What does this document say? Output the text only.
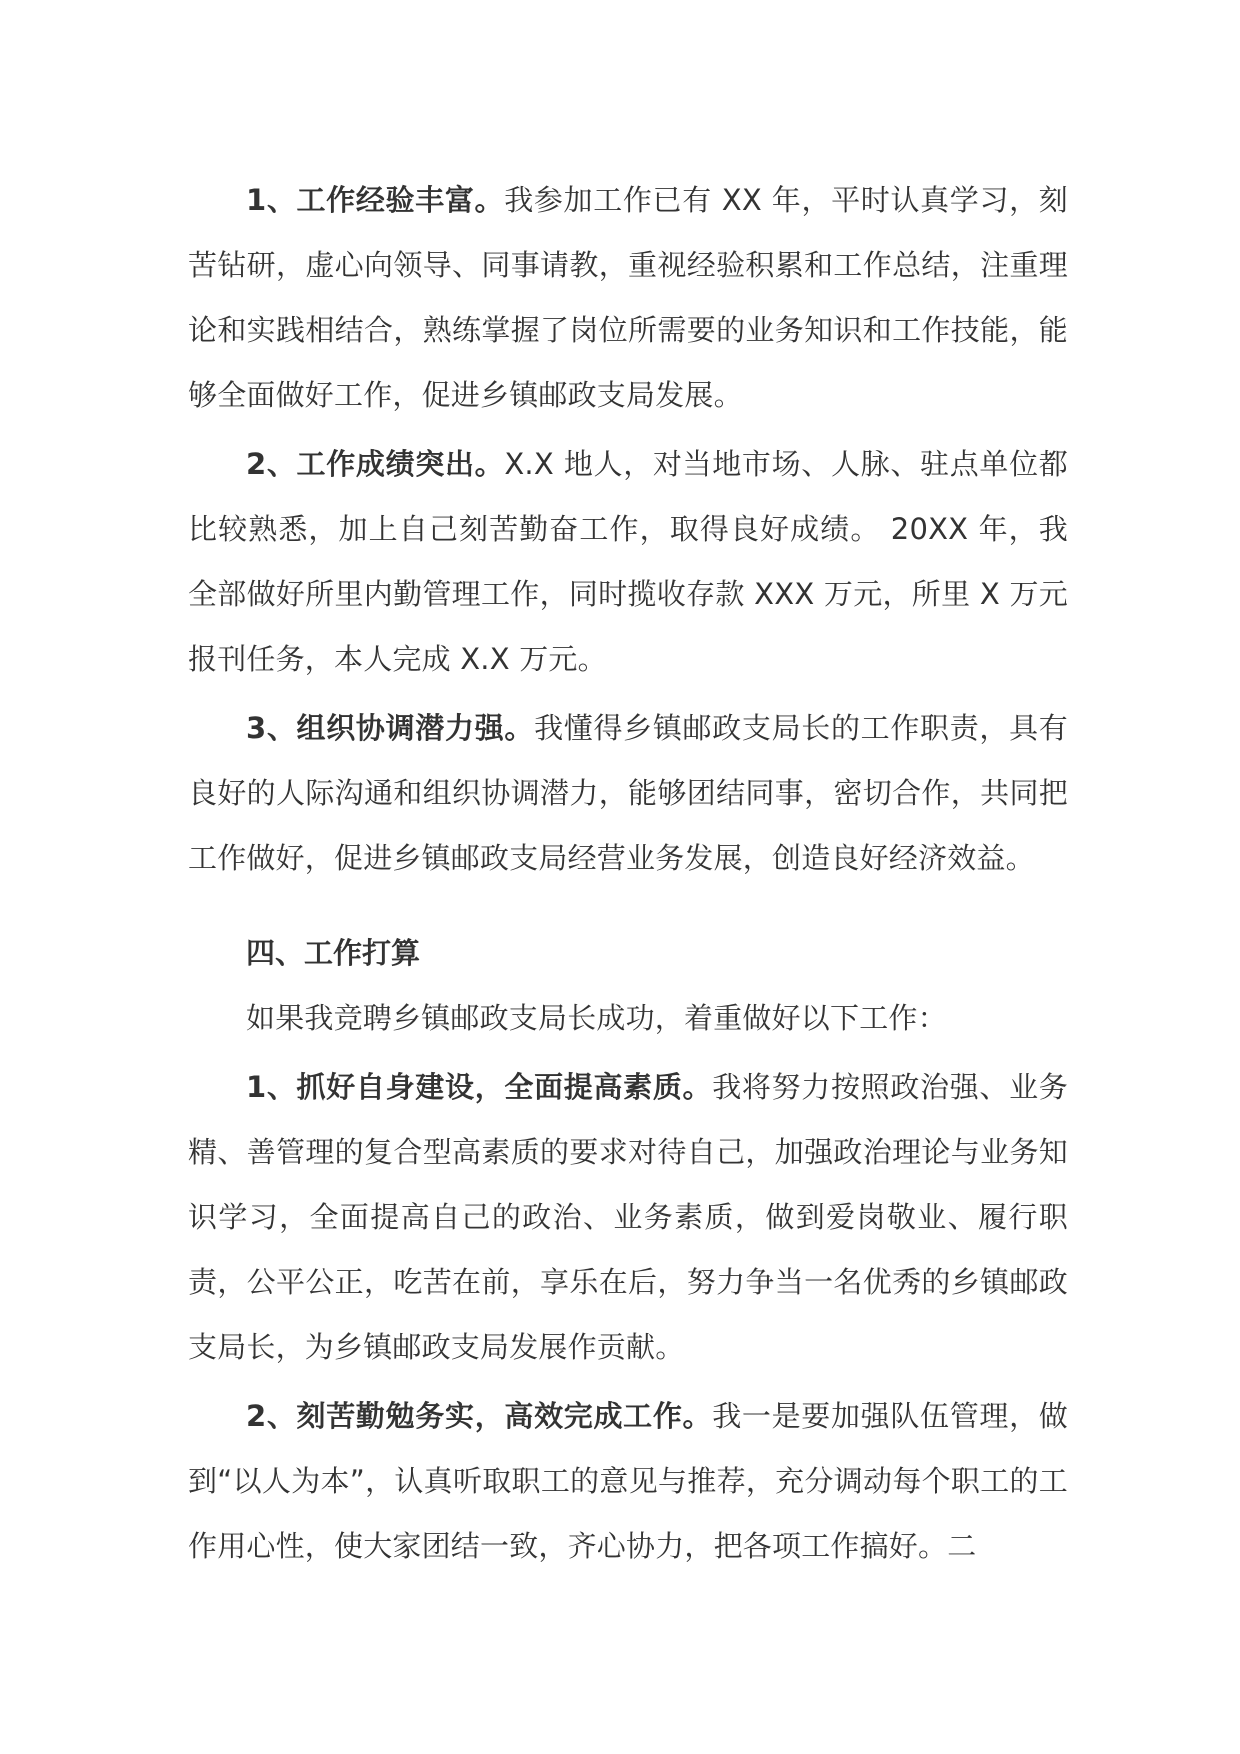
1、工作经验丰富。我参加工作已有 XX 年，平时认真学习，刻苦钻研，虚心向领导、同事请教，重视经验积累和工作总结，注重理论和实践相结合，熟练掌握了岗位所需要的业务知识和工作技能，能够全面做好工作，促进乡镇邮政支局发展。

2、工作成绩突出。X.X 地人，对当地市场、人脉、驻点单位都比较熟悉，加上自己刻苦勤奋工作，取得良好成绩。 20XX 年，我全部做好所里内勤管理工作，同时揽收存款 XXX 万元，所里 X 万元报刊任务，本人完成 X.X 万元。

3、组织协调潜力强。我懂得乡镇邮政支局长的工作职责，具有良好的人际沟通和组织协调潜力，能够团结同事，密切合作，共同把工作做好，促进乡镇邮政支局经营业务发展，创造良好经济效益。

四、工作打算

如果我竞聘乡镇邮政支局长成功，着重做好以下工作：

1、抓好自身建设，全面提高素质。我将努力按照政治强、业务精、善管理的复合型高素质的要求对待自己，加强政治理论与业务知识学习，全面提高自己的政治、业务素质，做到爱岗敬业、履行职责，公平公正，吃苦在前，享乐在后，努力争当一名优秀的乡镇邮政支局长，为乡镇邮政支局发展作贡献。

2、刻苦勤勉务实，高效完成工作。我一是要加强队伍管理，做到“以人为本”，认真听取职工的意见与推荐，充分调动每个职工的工作用心性，使大家团结一致，齐心协力，把各项工作搞好。二
